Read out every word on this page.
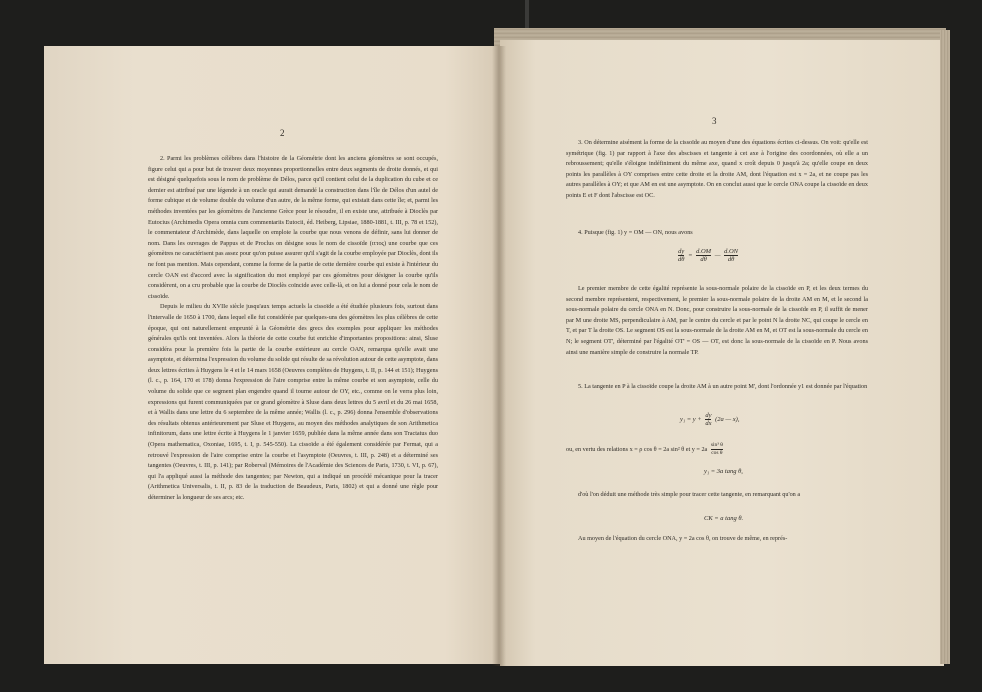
2

2. Parmi les problèmes célèbres dans l'histoire de la Géométrie dont les anciens géomètres se sont occupés, figure celui qui a pour but de trouver deux moyennes proportionnelles entre deux segments de droite donnés, et qui est désigné quelquefois sous le nom de problème de Délos, parce qu'il contient celui de la duplication du cube et ce dernier est attribué par une légende à un oracle qui aurait demandé la construction dans l'île de Délos d'un autel de forme cubique et de volume double du volume d'un autre, de la même forme, qui existait dans cette île; et, parmi les méthodes inventées par les géomètres de l'ancienne Grèce pour le résoudre, il en existe une, attribuée à Dioclès par Eutocius (Archimedis Opera omnia cum commentariis Eutocii, éd. Heiberg, Lipsiae, 1880-1881, t. III, p. 78 et 152), le commentateur d'Archimède, dans laquelle on emploie la courbe que nous venons de définir, sans lui donner de nom. Dans les ouvrages de Pappus et de Proclus on désigne sous le nom de cissoïde (ιττος) une courbe que ces géomètres ne caractérisent pas assez pour qu'on puisse assurer qu'il s'agit de la courbe employée par Dioclès, dont ils ne font pas mention. Mais cependant, comme la forme de la partie de cette dernière courbe qui existe à l'intérieur du cercle OAN est d'accord avec la signification du mot employé par ces géomètres pour désigner la courbe qu'ils considèrent, on a cru probable que la courbe de Dioclès coïncide avec celle-là, et on lui a donné pour cela le nom de cissoïde.

Depuis le milieu du XVIIe siècle jusqu'aux temps actuels la cissoïde a été étudiée plusieurs fois, surtout dans l'intervalle de 1650 à 1700, dans lequel elle fut considérée par quelques-uns des géomètres les plus célèbres de cette époque, qui ont naturellement emprunté à la Géométrie des grecs des exemples pour appliquer les méthodes générales qu'ils ont inventées. Alors la théorie de cette courbe fut enrichie d'importantes propositions: ainsi, Sluse considéra pour la première fois la partie de la courbe extérieure au cercle OAN, remarqua qu'elle avait une asymptote, et détermina l'expression du volume du solide qui résulte de sa révolution autour de cette asymptote, dans deux lettres écrites à Huygens le 4 et le 14 mars 1658 (Oeuvres complètes de Huygens, t. II, p. 144 et 151); Huygens (l. c., p. 164, 170 et 178) donna l'expression de l'aire comprise entre la même courbe et son asymptote, celle du volume du solide que ce segment plan engendre quand il tourne autour de OY, etc., comme on le verra plus loin, expressions qui furent communiquées par ce grand géomètre à Sluse dans deux lettres du 5 avril et du 26 mai 1658, et à Wallis dans une lettre du 6 septembre de la même année; Wallis (l. c., p. 296) donna l'ensemble d'observations des résultats obtenus antérieurement par Sluse et Huygens, au moyen des méthodes analytiques de son Arithmetica infinitorum, dans une lettre écrite à Huygens le 1 janvier 1659, publiée dans la même année dans son Tractatus duo (Opera mathematica, Oxoniae, 1695, t. I, p. 545-550). La cissoïde a été également considérée par Fermat, qui a retrouvé l'expression de l'aire comprise entre la courbe et l'asymptote (Oeuvres, t. III, p. 248) et a déterminé ses tangentes (Oeuvres, t. III, p. 141); par Roberval (Mémoires de l'Académie des Sciences de Paris, 1730, t. VI, p. 67), qui l'a appliqué aussi la méthode des tangentes; par Newton, qui a indiqué un procédé mécanique pour la tracer (Arithmetica Universalis, t. II, p. 83 de la traduction de Beaudeux, Paris, 1802) et qui a donné une règle pour déterminer la longueur de ses arcs; etc.

3

3. On détermine aisément la forme de la cissoïde au moyen d'une des équations écrites ci-dessus. On voit: qu'elle est symétrique (fig. 1) par rapport à l'axe des abscisses et tangente à cet axe à l'origine des coordonnées, où elle a un rebroussement; qu'elle s'éloigne indéfiniment du même axe, quand x croît depuis 0 jusqu'à 2a; qu'elle coupe en deux points les parallèles à OY comprises entre cette droite et la droite AM, dont l'équation est x = 2a, et ne coupe pas les autres parallèles à OY; et que AM en est une asymptote. On en conclut aussi que le cercle ONA coupe la cissoïde en deux points E et F dont l'abscisse est OC.

4. Puisque (fig. 1) y = OM — ON, nous avons

$\frac{dy}{d\theta} = \frac{d.OM}{d\theta}$ — $\frac{d.ON}{d\theta}$

Le premier membre de cette égalité représente la sous-normale polaire de la cissoïde en P, et les deux termes du second membre représentent, respectivement, le premier la sous-normale polaire de la droite AM en M, et le second la sous-normale polaire du cercle ONA en N. Donc, pour construire la sous-normale de la cissoïde en P, il suffit de mener par M une droite MS, perpendiculaire à AM, par le centre du cercle et par le point N la droite NC, qui coupe le cercle en T, et par T la droite OS. Le segment OS est la sous-normale de la droite AM en M, et OT est la sous-normale du cercle en N; le segment OT', déterminé par l'égalité OT' = OS — OT, est donc la sous-normale de la cissoïde en P. Nous avons ainsi une manière simple de construire la normale TP.

5. La tangente en P à la cissoïde coupe la droite AM à un autre point M', dont l'ordonnée y1 est donnée par l'équation

$y_1 = y + \frac{dy}{dx} (2a$ — x),
ou, en vertu des relations x = ρ cos θ = 2a sin² θ et $y = 2a \frac{\text{sin³ θ}}{\text{cos θ}}$
y₁ = 3a tang θ,

d'où l'on déduit une méthode très simple pour tracer cette tangente, en remarquant qu'on a

CK = a tang θ.

Au moyen de l'équation du cercle ONA, y = 2a cos θ, on trouve de même, en représ-
